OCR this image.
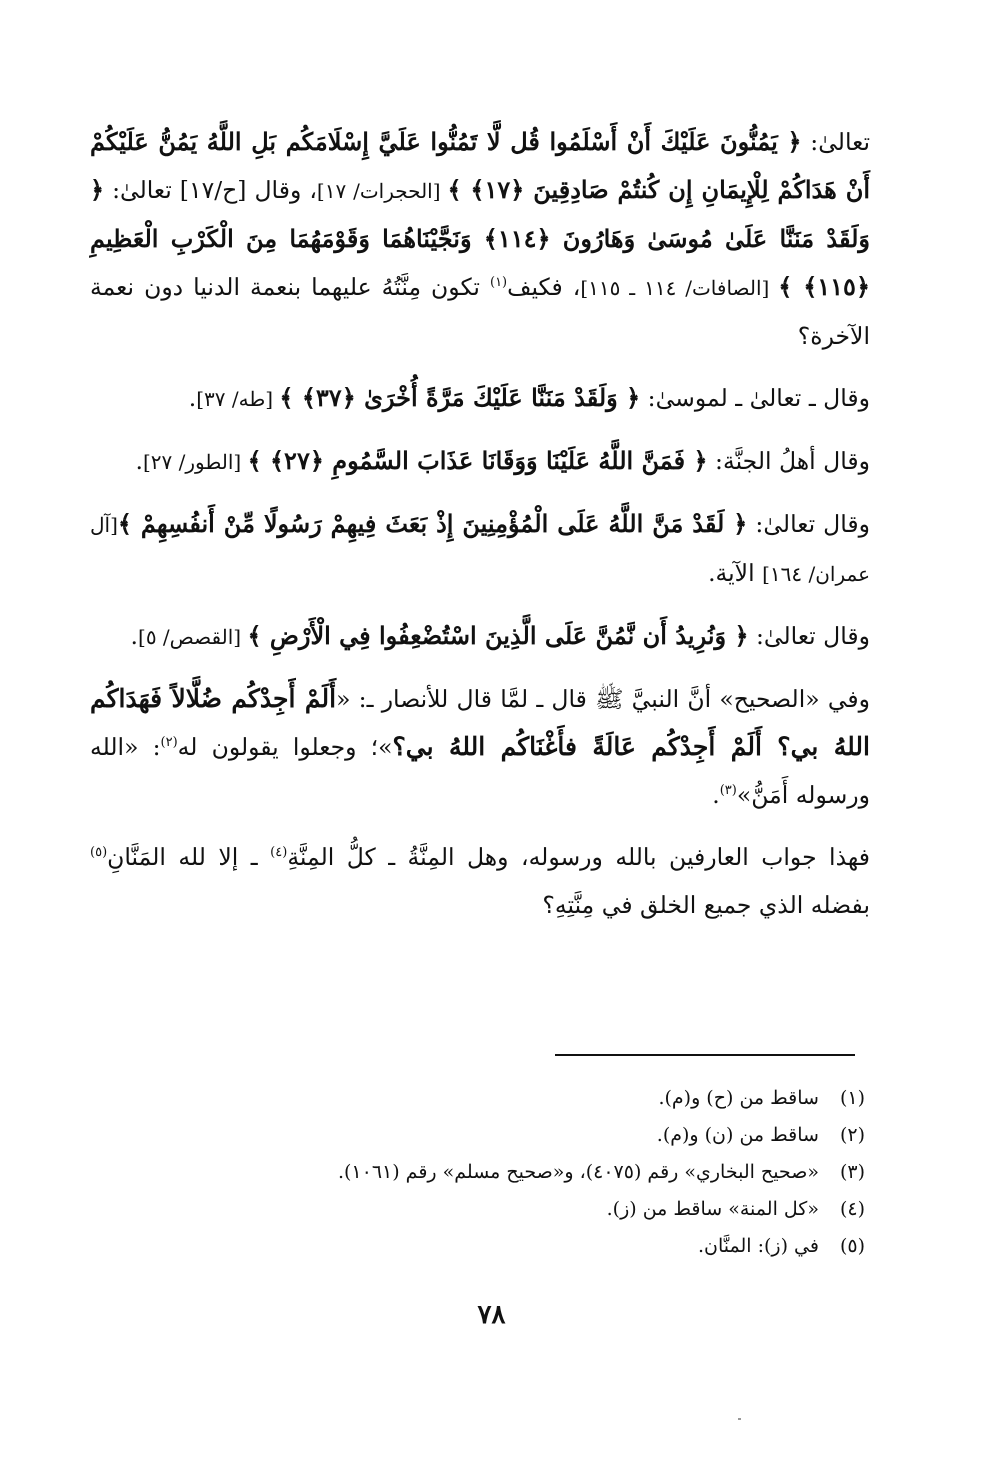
تعالىٰ: ﴿ يَمُنُّونَ عَلَيْكَ أَنْ أَسْلَمُوا قُل لَّا تَمُنُّوا عَلَيَّ إِسْلَامَكُم بَلِ اللَّهُ يَمُنُّ عَلَيْكُمْ أَنْ هَدَاكُمْ لِلْإِيمَانِ إِن كُنتُمْ صَادِقِينَ ﴿١٧﴾ ﴾ [الحجرات/ ١٧]، وقال [ح/١٧] تعالىٰ: ﴿ وَلَقَدْ مَنَنَّا عَلَىٰ مُوسَىٰ وَهَارُونَ ﴿١١٤﴾ وَنَجَّيْنَاهُمَا وَقَوْمَهُمَا مِنَ الْكَرْبِ الْعَظِيمِ ﴿١١٥﴾ ﴾ [الصافات/ ١١٤ ـ ١١٥]، فكيف$^{(١)}$ تكون مِنَّتُهُ عليهما بنعمة الدنيا دون نعمة الآخرة؟

وقال ـ تعالىٰ ـ لموسىٰ: ﴿ وَلَقَدْ مَنَنَّا عَلَيْكَ مَرَّةً أُخْرَىٰ ﴿٣٧﴾ ﴾ [طه/ ٣٧].

وقال أهلُ الجنَّة: ﴿ فَمَنَّ اللَّهُ عَلَيْنَا وَوَقَانَا عَذَابَ السَّمُومِ ﴿٢٧﴾ ﴾ [الطور/ ٢٧].

وقال تعالىٰ: ﴿ لَقَدْ مَنَّ اللَّهُ عَلَى الْمُؤْمِنِينَ إِذْ بَعَثَ فِيهِمْ رَسُولًا مِّنْ أَنفُسِهِمْ ﴾[آل عمران/ ١٦٤] الآية.

وقال تعالىٰ: ﴿ وَنُرِيدُ أَن نَّمُنَّ عَلَى الَّذِينَ اسْتُضْعِفُوا فِي الْأَرْضِ ﴾ [القصص/ ٥].

وفي «الصحيح» أنَّ النبيَّ ﷺ قال ـ لمَّا قال للأنصار ـ: «أَلَمْ أَجِدْكُم ضُلَّالاً فَهَدَاكُم اللهُ بي؟ أَلَمْ أَجِدْكُم عَالَةً فأَغْنَاكُم اللهُ بي؟»؛ وجعلوا يقولون له$^{(٢)}$: «الله ورسوله أَمَنُّ»$^{(٣)}$.

فهذا جواب العارفين بالله ورسوله، وهل المِنَّةُ ـ كلُّ المِنَّةِ$^{(٤)}$ ـ إلا لله المَنَّانِ$^{(٥)}$ بفضله الذي جميع الخلق في مِنَّتِهِ؟

(١) ساقط من (ح) و(م).
(٢) ساقط من (ن) و(م).
(٣) «صحيح البخاري» رقم (٤٠٧٥)، و«صحيح مسلم» رقم (١٠٦١).
(٤) «كل المنة» ساقط من (ز).
(٥) في (ز): المنَّان.
٧٨
